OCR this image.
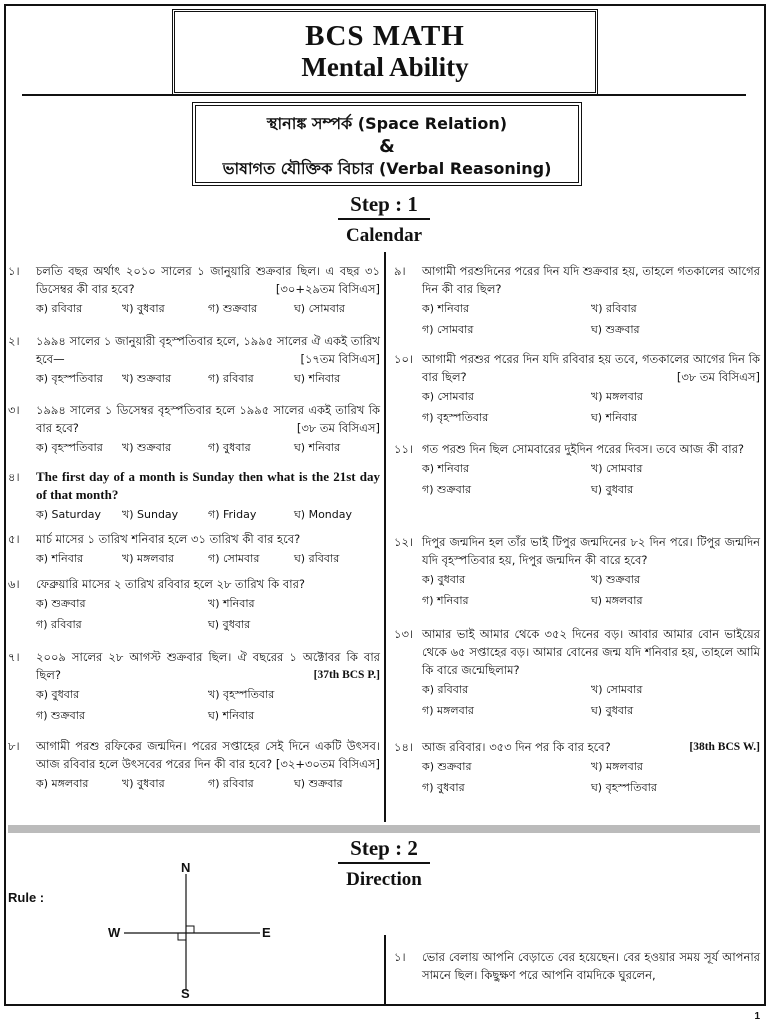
BCS MATH
Mental Ability
স্থানাঙ্ক সম্পর্ক (Space Relation)
&
ভাষাগত যৌক্তিক বিচার (Verbal Reasoning)
Step : 1
Calendar
১।	চলতি বছর অর্থাৎ ২০১০ সালের ১ জানুয়ারি শুক্রবার ছিল। এ বছর ৩১ ডিসেম্বর কী বার হবে?	[৩০+২৯তম বিসিএস]
ক) রবিবার	খ) বুধবার	গ) শুক্রবার	ঘ) সোমবার
২।	১৯৯৪ সালের ১ জানুয়ারী বৃহস্পতিবার হলে, ১৯৯৫ সালের ঐ একই তারিখ হবে—	[১৭তম বিসিএস]
ক) বৃহস্পতিবার	খ) শুক্রবার	গ) রবিবার	ঘ) শনিবার
৩।	১৯৯৪ সালের ১ ডিসেম্বর বৃহস্পতিবার হলে ১৯৯৫ সালের একই তারিখ কি বার হবে?	[৩৮ তম বিসিএস]
ক) বৃহস্পতিবার	খ) শুক্রবার	গ) বুধবার	ঘ) শনিবার
৪।	The first day of a month is Sunday then what is the 21st day of that month?
ক) Saturday	খ) Sunday	গ) Friday	ঘ) Monday
৫।	মার্চ মাসের ১ তারিখ শনিবার হলে ৩১ তারিখ কী বার হবে?
ক) শনিবার	খ) মঙ্গলবার	গ) সোমবার	ঘ) রবিবার
৬।	ফেব্রুয়ারি মাসের ২ তারিখ রবিবার হলে ২৮ তারিখ কি বার?
ক) শুক্রবার	খ) শনিবার
গ) রবিবার	ঘ) বুধবার
৭।	২০০৯ সালের ২৮ আগস্ট শুক্রবার ছিল। ঐ বছরের ১ অক্টোবর কি বার ছিল?	[37th BCS P.]
ক) বুধবার	খ) বৃহস্পতিবার
গ) শুক্রবার	ঘ) শনিবার
৮।	আগামী পরশু রফিকের জন্মদিন। পরের সপ্তাহের সেই দিনে একটি উৎসব। আজ রবিবার হলে উৎসবের পরের দিন কী বার হবে? [৩২+৩০তম বিসিএস]
ক) মঙ্গলবার	খ) বুধবার	গ) রবিবার	ঘ) শুক্রবার
৯।	আগামী পরশুদিনের পরের দিন যদি শুক্রবার হয়, তাহলে গতকালের আগের দিন কী বার ছিল?
ক) শনিবার	খ) রবিবার
গ) সোমবার	ঘ) শুক্রবার
১০। আগামী পরশুর পরের দিন যদি রবিবার হয় তবে, গতকালের আগের দিন কি বার ছিল?	[৩৮ তম বিসিএস]
ক) সোমবার	খ) মঙ্গলবার
গ) বৃহস্পতিবার	ঘ) শনিবার
১১। গত পরশু দিন ছিল সোমবারের দুইদিন পরের দিবস। তবে আজ কী বার?
ক) শনিবার	খ) সোমবার
গ) শুক্রবার	ঘ) বুধবার
১২। দিপুর জন্মদিন হল তাঁর ভাই টিপুর জন্মদিনের ৮২ দিন পরে। টিপুর জন্মদিন যদি বৃহস্পতিবার হয়, দিপুর জন্মদিন কী বারে হবে?
ক) বুধবার	খ) শুক্রবার
গ) শনিবার	ঘ) মঙ্গলবার
১৩। আমার ভাই আমার থেকে ৩৫২ দিনের বড়। আবার আমার বোন ভাইয়ের থেকে ৬৫ সপ্তাহের বড়। আমার বোনের জন্ম যদি শনিবার হয়, তাহলে আমি কি বারে জন্মেছিলাম?
ক) রবিবার	খ) সোমবার
গ) মঙ্গলবার	ঘ) বুধবার
১৪। আজ রবিবার। ৩৫৩ দিন পর কি বার হবে?	[38th BCS W.]
ক) শুক্রবার	খ) মঙ্গলবার
গ) বুধবার	ঘ) বৃহস্পতিবার
Step : 2
Direction
Rule :
N
S
E
W
১।	ভোর বেলায় আপনি বেড়াতে বের হয়েছেন। বের হওয়ার সময় সূর্য আপনার সামনে ছিল। কিছুক্ষণ পরে আপনি বামদিকে ঘুরলেন,
1
